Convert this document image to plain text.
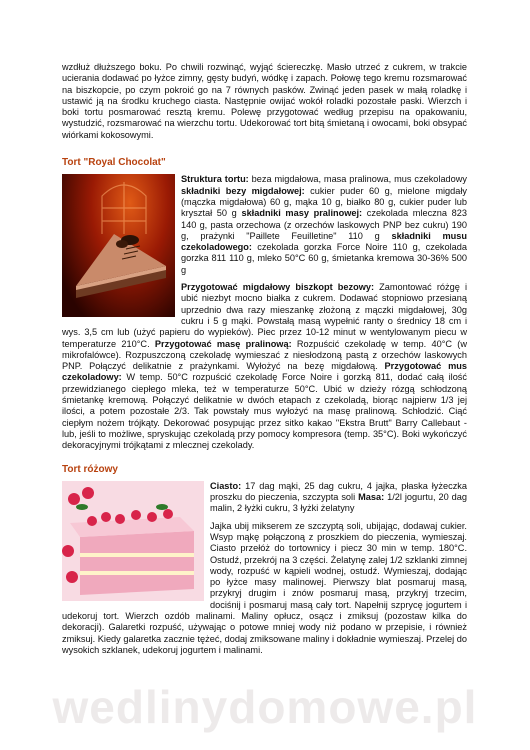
wzdłuż dłuższego boku. Po chwili rozwinąć, wyjąć ściereczkę. Masło utrzeć z cukrem, w trakcie ucierania dodawać po łyżce zimny, gęsty budyń, wódkę i zapach. Połowę tego kremu rozsmarować na biszkopcie, po czym pokroić go na 7 równych pasków. Zwinąć jeden pasek w małą roladkę i ustawić ją na środku kruchego ciasta. Następnie owijać wokół roladki pozostałe paski. Wierzch i boki tortu posmarować resztą kremu. Polewę przygotować według przepisu na opakowaniu, wystudzić, rozsmarować na wierzchu tortu. Udekorować tort bitą śmietaną i owocami, boki obsypać wiórkami kokosowymi.

Tort "Royal Chocolat"

Struktura tortu: beza migdałowa, masa pralinowa, mus czekoladowy składniki bezy migdałowej: cukier puder 60 g, mielone migdały (mączka migdałowa) 60 g, mąka 10 g, białko 80 g, cukier puder lub kryształ 50 g składniki masy pralinowej: czekolada mleczna 823 140 g, pasta orzechowa (z orzechów laskowych PNP bez cukru) 190 g, prażynki "Paillete Feuilletine" 110 g składniki musu czekoladowego: czekolada gorzka Force Noire 110 g, czekolada gorzka 811 110 g, mleko 50°C 60 g, śmietanka kremowa 30-36% 500 g

Przygotować migdałowy biszkopt bezowy: Zamontować różgę i ubić niezbyt mocno białka z cukrem. Dodawać stopniowo przesianą uprzednio dwa razy mieszankę złożoną z mączki migdałowej, 30g cukru i 5 g mąki. Powstałą masą wypełnić ranty o średnicy 18 cm i wys. 3,5 cm lub (użyć papieru do wypieków). Piec przez 10-12 minut w wentylowanym piecu w temperaturze 210°C. Przygotować masę pralinową: Rozpuścić czekoladę w temp. 40°C (w mikrofalówce). Rozpuszczoną czekoladę wymieszać z niesłodzoną pastą z orzechów laskowych PNP. Połączyć delikatnie z prażynkami. Wyłożyć na bezę migdałową. Przygotować mus czekoladowy: W temp. 50°C rozpuścić czekoladę Force Noire i gorzką 811, dodać całą ilość przewidzianego ciepłego mleka, też w temperaturze 50°C. Ubić w dzieży rózgą schłodzoną śmietankę kremową. Połączyć delikatnie w dwóch etapach z czekoladą, biorąc najpierw 1/3 jej ilości, a potem pozostałe 2/3. Tak powstały mus wyłożyć na masę pralinową. Schłodzić. Ciąć ciepłym nożem trójkąty. Dekorować posypując przez sitko kakao "Ekstra Brutt" Barry Callebaut - lub, jeśli to możliwe, spryskując czekoladą przy pomocy kompresora (temp. 35°C). Boki wykończyć dekoracyjnymi trójkątami z mlecznej czekolady.

Tort różowy

Ciasto: 17 dag mąki, 25 dag cukru, 4 jajka, płaska łyżeczka proszku do pieczenia, szczypta soli Masa: 1/2l jogurtu, 20 dag malin, 2 łyżki cukru, 3 łyżki żelatyny

Jajka ubij mikserem ze szczyptą soli, ubijając, dodawaj cukier. Wsyp mąkę połączoną z proszkiem do pieczenia, wymieszaj. Ciasto przełóż do tortownicy i piecz 30 min w temp. 180°C. Ostudź, przekrój na 3 części. Żelatynę zalej 1/2 szklanki zimnej wody, rozpuść w kąpieli wodnej, ostudź. Wymieszaj, dodając po łyżce masy malinowej. Pierwszy blat posmaruj masą, przykryj drugim i znów posmaruj masą, przykryj trzecim, dociśnij i posmaruj masą cały tort. Napełnij szprycę jogurtem i udekoruj tort. Wierzch ozdób malinami. Maliny opłucz, osącz i zmiksuj (pozostaw kilka do dekoracji). Galaretki rozpuść, używając o potowe mniej wody niż podano w przepisie, i również zmiksuj. Kiedy galaretka zacznie tężeć, dodaj zmiksowane maliny i dokładnie wymieszaj. Przelej do wysokich szklanek, udekoruj jogurtem i malinami.

wedlinydomowe.pl
